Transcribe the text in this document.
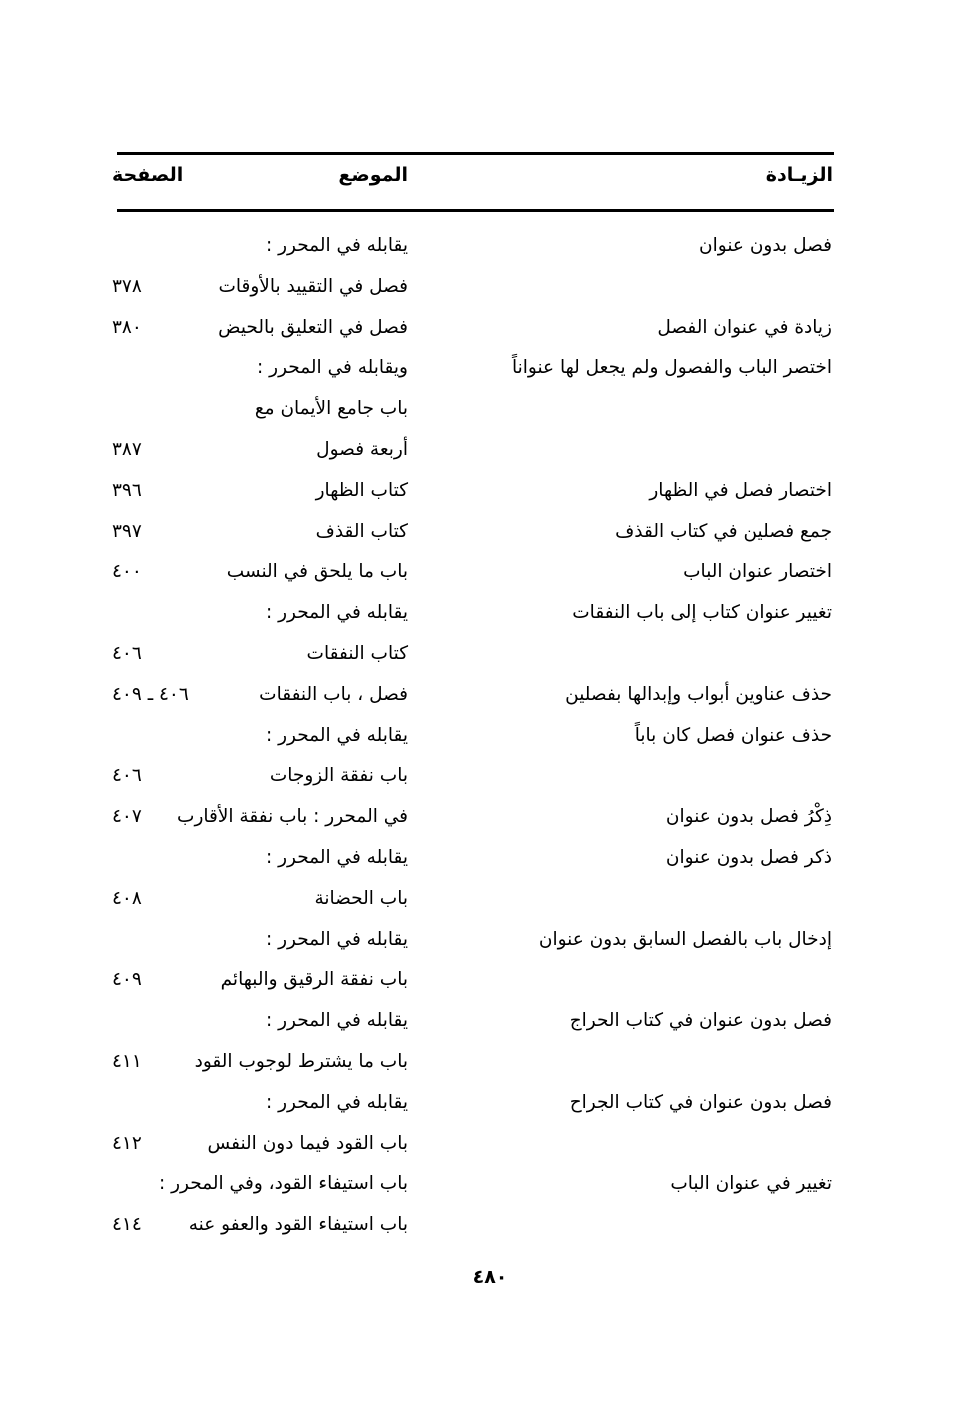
الزيـادة
الموضع
الصفحة
فصل بدون عنوان
يقابله في المحرر :
فصل في التقييد بالأوقات
٣٧٨
زيادة في عنوان الفصل
فصل في التعليق بالحيض
٣٨٠
اختصر الباب والفصول ولم يجعل لها عنواناً
ويقابله في المحرر :
باب جامع الأيمان مع
أربعة فصول
٣٨٧
اختصار فصل في الظهار
كتاب الظهار
٣٩٦
جمع فصلين في كتاب القذف
كتاب القذف
٣٩٧
اختصار عنوان الباب
باب ما يلحق في النسب
٤٠٠
تغيير عنوان كتاب إلى باب النفقات
يقابله في المحرر :
كتاب النفقات
٤٠٦
حذف عناوين أبواب وإبدالها بفصلين
فصل ، باب النفقات
٤٠٦ ـ ٤٠٩
حذف عنوان فصل كان باباً
يقابله في المحرر :
باب نفقة الزوجات
٤٠٦
ذِكْرُ فصل بدون عنوان
في المحرر : باب نفقة الأقارب
٤٠٧
ذكر فصل بدون عنوان
يقابله في المحرر :
باب الحضانة
٤٠٨
إدخال باب بالفصل السابق بدون عنوان
يقابله في المحرر :
باب نفقة الرقيق والبهائم
٤٠٩
فصل بدون عنوان في كتاب الحراج
يقابله في المحرر :
باب ما يشترط لوجوب القود
٤١١
فصل بدون عنوان في كتاب الجراح
يقابله في المحرر :
باب القود فيما دون النفس
٤١٢
تغيير في عنوان الباب
باب استيفاء القود، وفي المحرر :
باب استيفاء القود والعفو عنه
٤١٤
٤٨٠
